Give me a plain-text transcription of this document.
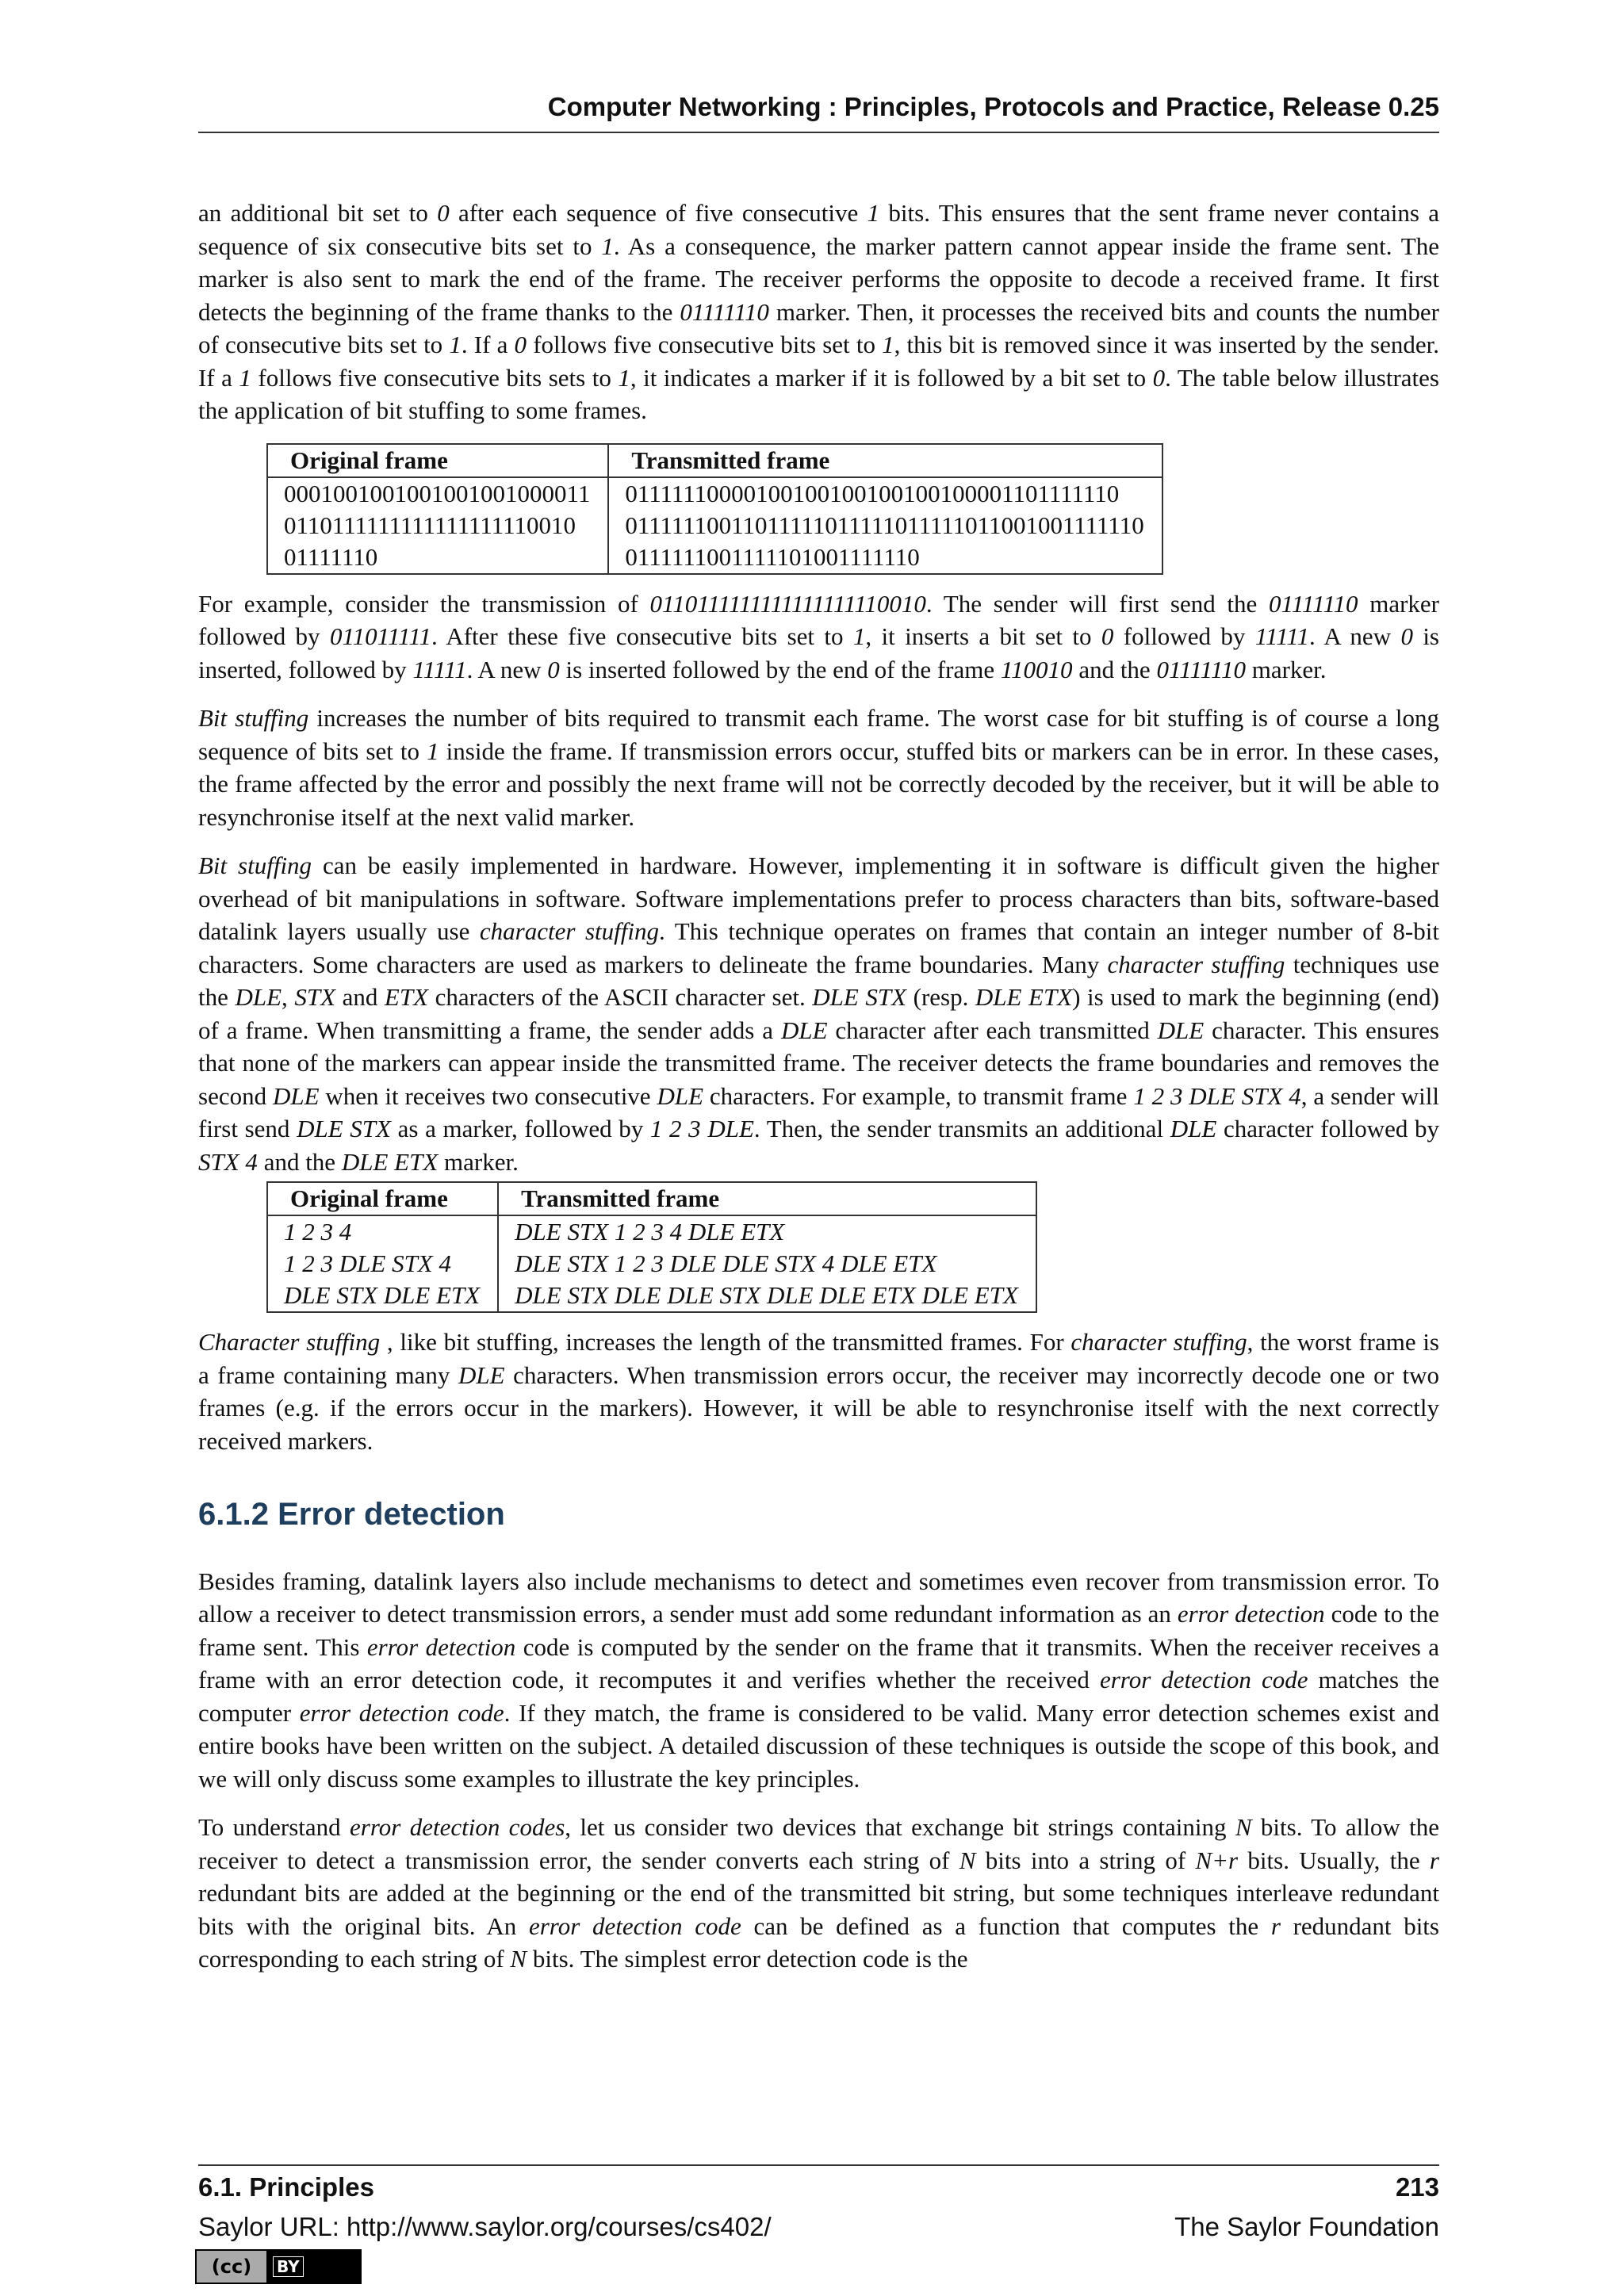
Computer Networking : Principles, Protocols and Practice, Release 0.25

an additional bit set to 0 after each sequence of five consecutive 1 bits. This ensures that the sent frame never contains a sequence of six consecutive bits set to 1. As a consequence, the marker pattern cannot appear inside the frame sent. The marker is also sent to mark the end of the frame. The receiver performs the opposite to decode a received frame. It first detects the beginning of the frame thanks to the 01111110 marker. Then, it processes the received bits and counts the number of consecutive bits set to 1. If a 0 follows five consecutive bits set to 1, this bit is removed since it was inserted by the sender. If a 1 follows five consecutive bits sets to 1, it indicates a marker if it is followed by a bit set to 0. The table below illustrates the application of bit stuffing to some frames.

Original frame	Transmitted frame
0001001001001001001000011	01111110000100100100100100100001101111110
0110111111111111111110010	01111110011011111011111011111011001001111110
01111110	0111111001111101001111110

For example, consider the transmission of 0110111111111111111110010. The sender will first send the 01111110 marker followed by 011011111. After these five consecutive bits set to 1, it inserts a bit set to 0 followed by 11111. A new 0 is inserted, followed by 11111. A new 0 is inserted followed by the end of the frame 110010 and the 01111110 marker.

Bit stuffing increases the number of bits required to transmit each frame. The worst case for bit stuffing is of course a long sequence of bits set to 1 inside the frame. If transmission errors occur, stuffed bits or markers can be in error. In these cases, the frame affected by the error and possibly the next frame will not be correctly decoded by the receiver, but it will be able to resynchronise itself at the next valid marker.

Bit stuffing can be easily implemented in hardware. However, implementing it in software is difficult given the higher overhead of bit manipulations in software. Software implementations prefer to process characters than bits, software-based datalink layers usually use character stuffing. This technique operates on frames that contain an integer number of 8-bit characters. Some characters are used as markers to delineate the frame boundaries. Many character stuffing techniques use the DLE, STX and ETX characters of the ASCII character set. DLE STX (resp. DLE ETX) is used to mark the beginning (end) of a frame. When transmitting a frame, the sender adds a DLE character after each transmitted DLE character. This ensures that none of the markers can appear inside the transmitted frame. The receiver detects the frame boundaries and removes the second DLE when it receives two consecutive DLE characters. For example, to transmit frame 1 2 3 DLE STX 4, a sender will first send DLE STX as a marker, followed by 1 2 3 DLE. Then, the sender transmits an additional DLE character followed by STX 4 and the DLE ETX marker.

Original frame	Transmitted frame
1 2 3 4	DLE STX 1 2 3 4 DLE ETX
1 2 3 DLE STX 4	DLE STX 1 2 3 DLE DLE STX 4 DLE ETX
DLE STX DLE ETX	DLE STX DLE DLE STX DLE DLE ETX DLE ETX

Character stuffing , like bit stuffing, increases the length of the transmitted frames. For character stuffing, the worst frame is a frame containing many DLE characters. When transmission errors occur, the receiver may incorrectly decode one or two frames (e.g. if the errors occur in the markers). However, it will be able to resynchronise itself with the next correctly received markers.

6.1.2 Error detection

Besides framing, datalink layers also include mechanisms to detect and sometimes even recover from transmission error. To allow a receiver to detect transmission errors, a sender must add some redundant information as an error detection code to the frame sent. This error detection code is computed by the sender on the frame that it transmits. When the receiver receives a frame with an error detection code, it recomputes it and verifies whether the received error detection code matches the computer error detection code. If they match, the frame is considered to be valid. Many error detection schemes exist and entire books have been written on the subject. A detailed discussion of these techniques is outside the scope of this book, and we will only discuss some examples to illustrate the key principles.

To understand error detection codes, let us consider two devices that exchange bit strings containing N bits. To allow the receiver to detect a transmission error, the sender converts each string of N bits into a string of N+r bits. Usually, the r redundant bits are added at the beginning or the end of the transmitted bit string, but some techniques interleave redundant bits with the original bits. An error detection code can be defined as a function that computes the r redundant bits corresponding to each string of N bits. The simplest error detection code is the

6.1. Principles	213
Saylor URL: http://www.saylor.org/courses/cs402/	The Saylor Foundation
( cc )	BY
